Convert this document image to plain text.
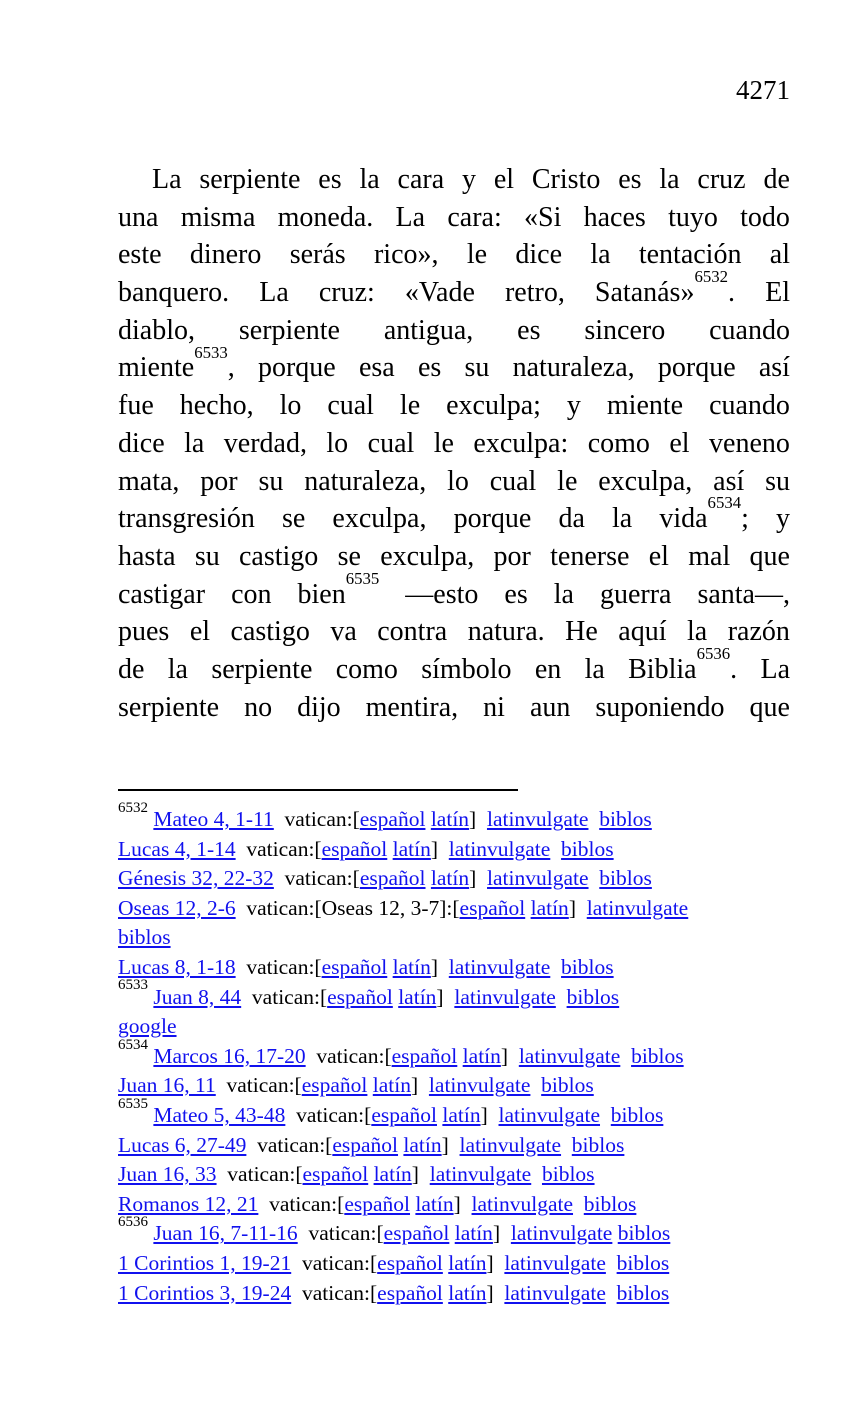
4271
La serpiente es la cara y el Cristo es la cruz de
una misma moneda. La cara: «Si haces tuyo todo
este dinero serás rico», le dice la tentación al
banquero. La cruz: «Vade retro, Satanás»$^{6532}$. El
diablo, serpiente antigua, es sincero cuando
miente$^{6533}$, porque esa es su naturaleza, porque así
fue hecho, lo cual le exculpa; y miente cuando
dice la verdad, lo cual le exculpa: como el veneno
mata, por su naturaleza, lo cual le exculpa, así su
transgresión se exculpa, porque da la vida$^{6534}$; y
hasta su castigo se exculpa, por tenerse el mal que
castigar con bien$^{6535}$
—esto es la guerra santa—,
pues el castigo va contra natura. He aquí la razón
de la serpiente como símbolo en la Biblia$^{6536}$. La
serpiente no dijo mentira, ni aun suponiendo que
$^{6532}$ Mateo 4, 1-11  vatican:[español latín]  latinvulgate biblos
Lucas 4, 1-14  vatican:[español latín]  latinvulgate biblos
Génesis 32, 22-32  vatican:[español latín]  latinvulgate biblos
Oseas 12, 2-6  vatican:[Oseas 12, 3-7]:[español latín]  latinvulgate
biblos
Lucas 8, 1-18  vatican:[español latín]  latinvulgate biblos
$^{6533}$ Juan 8, 44  vatican:[español latín]  latinvulgate biblos
google
$^{6534}$ Marcos 16, 17-20  vatican:[español latín]  latinvulgate biblos
Juan 16, 11  vatican:[español latín]  latinvulgate biblos
$^{6535}$ Mateo 5, 43-48  vatican:[español latín]  latinvulgate biblos
Lucas 6, 27-49  vatican:[español latín]  latinvulgate biblos
Juan 16, 33  vatican:[español latín]  latinvulgate biblos
Romanos 12, 21  vatican:[español latín]  latinvulgate biblos
$^{6536}$ Juan 16, 7-11-16  vatican:[español latín]  latinvulgate biblos
1 Corintios 1, 19-21  vatican:[español latín]  latinvulgate biblos
1 Corintios 3, 19-24  vatican:[español latín]  latinvulgate biblos
